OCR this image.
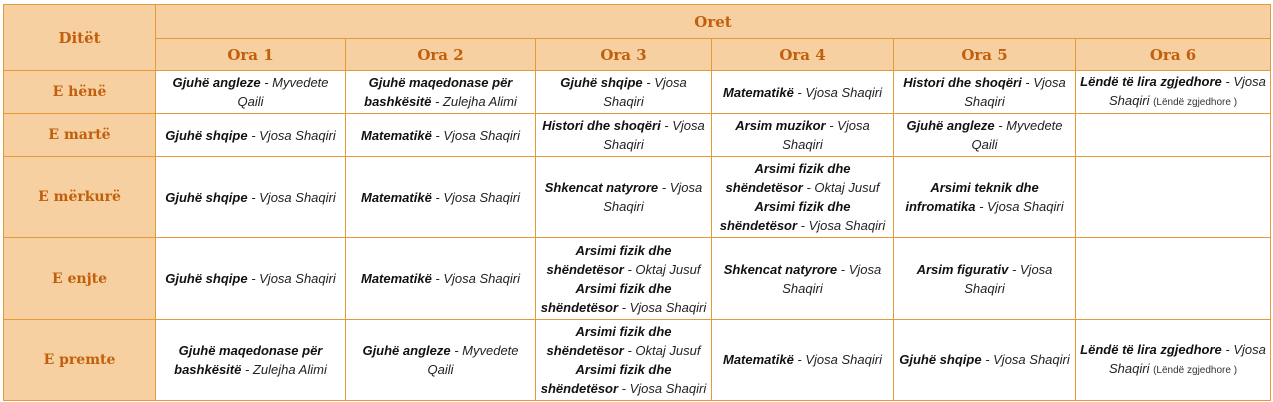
Ditët	Oret					
	Ora 1	Ora 2	Ora 3	Ora 4	Ora 5	Ora 6
E hënë	Gjuhë angleze - Myvedete Qaili	Gjuhë maqedonase për bashkësitë - Zulejha Alimi	Gjuhë shqipe - Vjosa Shaqiri	Matematikë - Vjosa Shaqiri	Histori dhe shoqëri - Vjosa Shaqiri	Lëndë të lira zgjedhore - Vjosa Shaqiri (Lëndë zgjedhore )

E martë	Gjuhë shqipe - Vjosa Shaqiri	Matematikë - Vjosa Shaqiri	Histori dhe shoqëri - Vjosa Shaqiri	Arsim muzikor - Vjosa Shaqiri	Gjuhë angleze - Myvedete Qaili	

E mërkurë	Gjuhë shqipe - Vjosa Shaqiri	Matematikë - Vjosa Shaqiri	Shkencat natyrore - Vjosa Shaqiri	Arsimi fizik dhe shëndetësor - Oktaj Jusuf
Arsimi fizik dhe shëndetësor - Vjosa Shaqiri	Arsimi teknik dhe infromatika - Vjosa Shaqiri	

E enjte	Gjuhë shqipe - Vjosa Shaqiri	Matematikë - Vjosa Shaqiri	Arsimi fizik dhe shëndetësor - Oktaj Jusuf
Arsimi fizik dhe shëndetësor - Vjosa Shaqiri	Shkencat natyrore - Vjosa Shaqiri	Arsim figurativ - Vjosa Shaqiri	

E premte	Gjuhë maqedonase për bashkësitë - Zulejha Alimi	Gjuhë angleze - Myvedete Qaili	Arsimi fizik dhe shëndetësor - Oktaj Jusuf
Arsimi fizik dhe shëndetësor - Vjosa Shaqiri	Matematikë - Vjosa Shaqiri	Gjuhë shqipe - Vjosa Shaqiri	Lëndë të lira zgjedhore - Vjosa Shaqiri (Lëndë zgjedhore )
